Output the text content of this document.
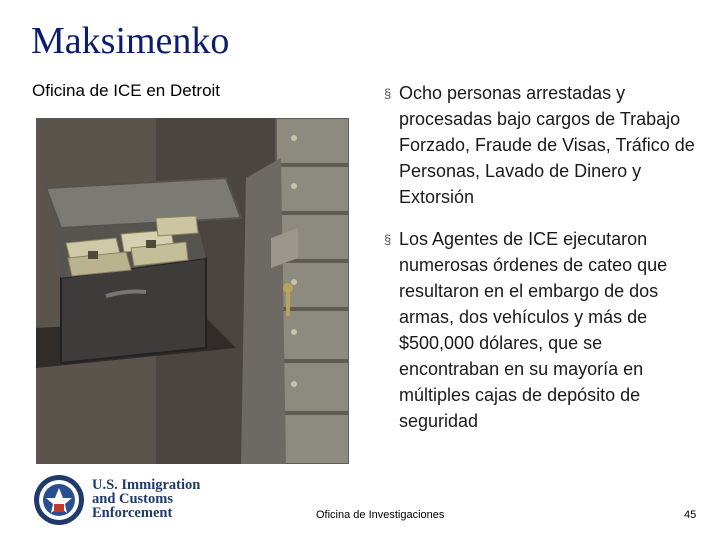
Maksimenko
Oficina de ICE en Detroit	§ Ocho personas arrestadas y procesadas bajo cargos de Trabajo Forzado, Fraude de Visas, Tráfico de Personas, Lavado de Dinero y Extorsión
§ Los Agentes de ICE ejecutaron numerosas órdenes de cateo que resultaron en el embargo de dos armas, dos vehículos y más de $500,000 dólares, que se encontraban en su mayoría en múltiples cajas de depósito de seguridad
U.S. Immigration
and Customs
Enforcement	Oficina de Investigaciones	45
